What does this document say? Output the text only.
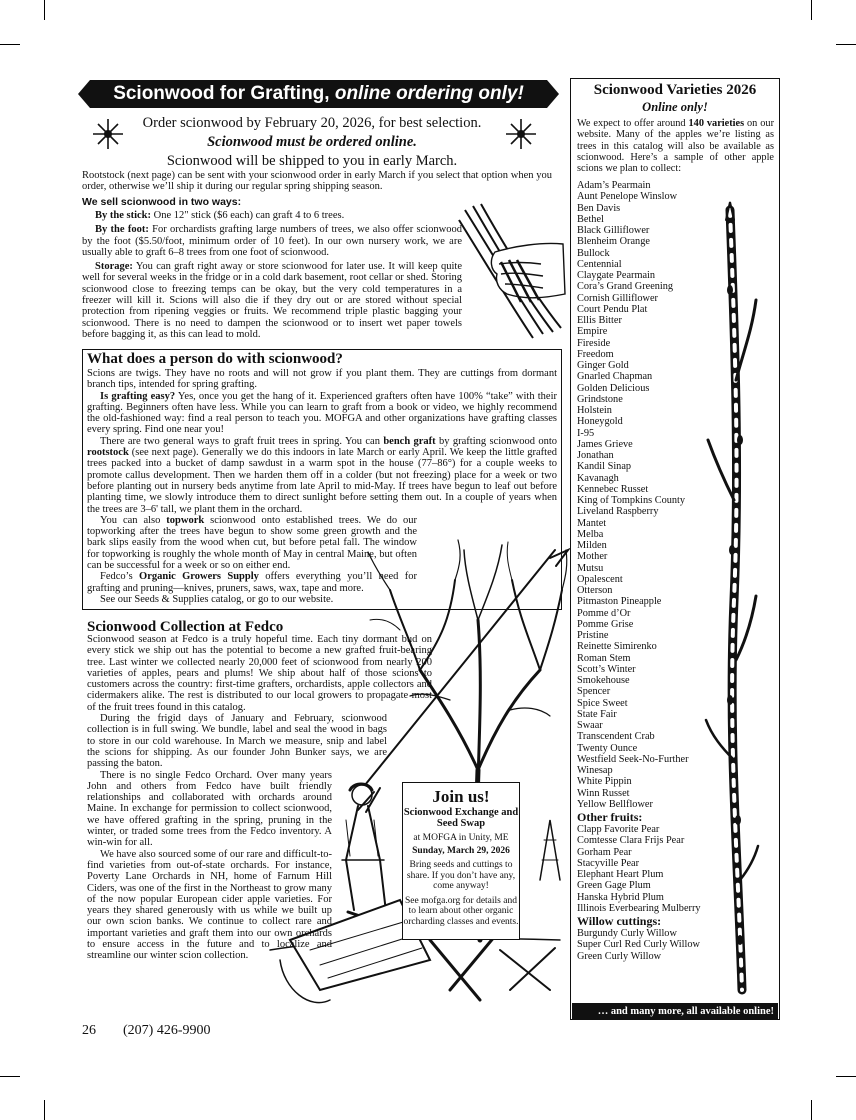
Scionwood for Grafting, online ordering only!
Order scionwood by February 20, 2026, for best selection.
Scionwood must be ordered online.
Scionwood will be shipped to you in early March.
Rootstock (next page) can be sent with your scionwood order in early March if you select that option when you order, otherwise we’ll ship it during our regular spring shipping season.
We sell scionwood in two ways:

By the stick: One 12" stick ($6 each) can graft 4 to 6 trees.

By the foot: For orchardists grafting large numbers of trees, we also offer scionwood by the foot ($5.50/foot, minimum order of 10 feet). In our own nursery work, we are usually able to graft 6–8 trees from one foot of scionwood.

Storage: You can graft right away or store scionwood for later use. It will keep quite well for several weeks in the fridge or in a cold dark basement, root cellar or shed. Storing scionwood close to freezing temps can be okay, but the very cold temperatures in a freezer will kill it. Scions will also die if they dry out or are stored without special protection from ripening veggies or fruits. We recommend triple plastic bagging your scionwood. There is no need to dampen the scionwood or to insert wet paper towels before bagging it, as this can lead to mold.

What does a person do with scionwood?

Scions are twigs. They have no roots and will not grow if you plant them. They are cuttings from dormant branch tips, intended for spring grafting.

Is grafting easy? Yes, once you get the hang of it. Experienced grafters often have 100% “take” with their grafting. Beginners often have less. While you can learn to graft from a book or video, we highly recommend the old-fashioned way: find a real person to teach you. MOFGA and other organizations have grafting classes every spring. Find one near you!

There are two general ways to graft fruit trees in spring. You can bench graft by grafting scionwood onto rootstock (see next page). Generally we do this indoors in late March or early April. We keep the little grafted trees packed into a bucket of damp sawdust in a warm spot in the house (77–86°) for a couple weeks to promote callus development. Then we harden them off in a colder (but not freezing) place for a week or two before planting out in nursery beds anytime from late April to mid-May. If trees have begun to leaf out before planting time, we slowly introduce them to direct sunlight before setting them out. In a couple of years when the trees are 3–6' tall, we plant them in the orchard.

You can also topwork scionwood onto established trees. We do our topworking after the trees have begun to show some green growth and the bark slips easily from the wood when cut, but before petal fall. The window for topworking is roughly the whole month of May in central Maine, but often can be successful for a week or so on either end.

Fedco’s Organic Growers Supply offers everything you’ll need for grafting and pruning—knives, pruners, saws, wax, tape and more.

See our Seeds & Supplies catalog, or go to our website.

Scionwood Collection at Fedco

Scionwood season at Fedco is a truly hopeful time. Each tiny dormant bud on every stick we ship out has the potential to become a new grafted fruit-bearing tree. Last winter we collected nearly 20,000 feet of scionwood from nearly 200 varieties of apples, pears and plums! We ship about half of those scions to customers across the country: first-time grafters, orchardists, apple collectors and cidermakers alike. The rest is distributed to our local growers to propagate most of the fruit trees found in this catalog.

During the frigid days of January and February, scionwood collection is in full swing. We bundle, label and seal the wood in bags to store in our cold warehouse. In March we measure, snip and label the scions for shipping. As our founder John Bunker says, we are passing the baton.

There is no single Fedco Orchard. Over many years John and others from Fedco have built friendly relationships and collaborated with orchards around Maine. In exchange for permission to collect scionwood, we have offered grafting in the spring, pruning in the winter, or traded some trees from the Fedco inventory. A win-win for all.

We have also sourced some of our rare and difficult-to-find varieties from out-of-state orchards. For instance, Poverty Lane Orchards in NH, home of Farnum Hill Ciders, was one of the first in the Northeast to grow many of the now popular European cider apple varieties. For years they shared generously with us while we built up our own scion banks. We continue to collect rare and important varieties and graft them into our own orchards to ensure access in the future and to localize and streamline our winter scion collection.

Join us!
Scionwood Exchange and Seed Swap
at MOFGA in Unity, ME
Sunday, March 29, 2026
Bring seeds and cuttings to share. If you don’t have any, come anyway!
See mofga.org for details and to learn about other organic orcharding classes and events.
Scionwood Varieties 2026
Online only!
We expect to offer around 140 varieties on our website. Many of the apples we’re listing as trees in this catalog will also be available as scionwood. Here’s a sample of other apple scions we plan to collect:
Adam’s Pearmain
Aunt Penelope Winslow
Ben Davis
Bethel
Black Gilliflower
Blenheim Orange
Bullock
Centennial
Claygate Pearmain
Cora’s Grand Greening
Cornish Gilliflower
Court Pendu Plat
Ellis Bitter
Empire
Fireside
Freedom
Ginger Gold
Gnarled Chapman
Golden Delicious
Grindstone
Holstein
Honeygold
I-95
James Grieve
Jonathan
Kandil Sinap
Kavanagh
Kennebec Russet
King of Tompkins County
Liveland Raspberry
Mantet
Melba
Milden
Mother
Mutsu
Opalescent
Otterson
Pitmaston Pineapple
Pomme d’Or
Pomme Grise
Pristine
Reinette Simirenko
Roman Stem
Scott’s Winter
Smokehouse
Spencer
Spice Sweet
State Fair
Swaar
Transcendent Crab
Twenty Ounce
Westfield Seek-No-Further
Winesap
White Pippin
Winn Russet
Yellow Bellflower
Other fruits:
Clapp Favorite Pear
Comtesse Clara Frijs Pear
Gorham Pear
Stacyville Pear
Elephant Heart Plum
Green Gage Plum
Hanska Hybrid Plum
Illinois Everbearing Mulberry
Willow cuttings:
Burgundy Curly Willow
Super Curl Red Curly Willow
Green Curly Willow
… and many more, all available online!
26 (207) 426-9900
